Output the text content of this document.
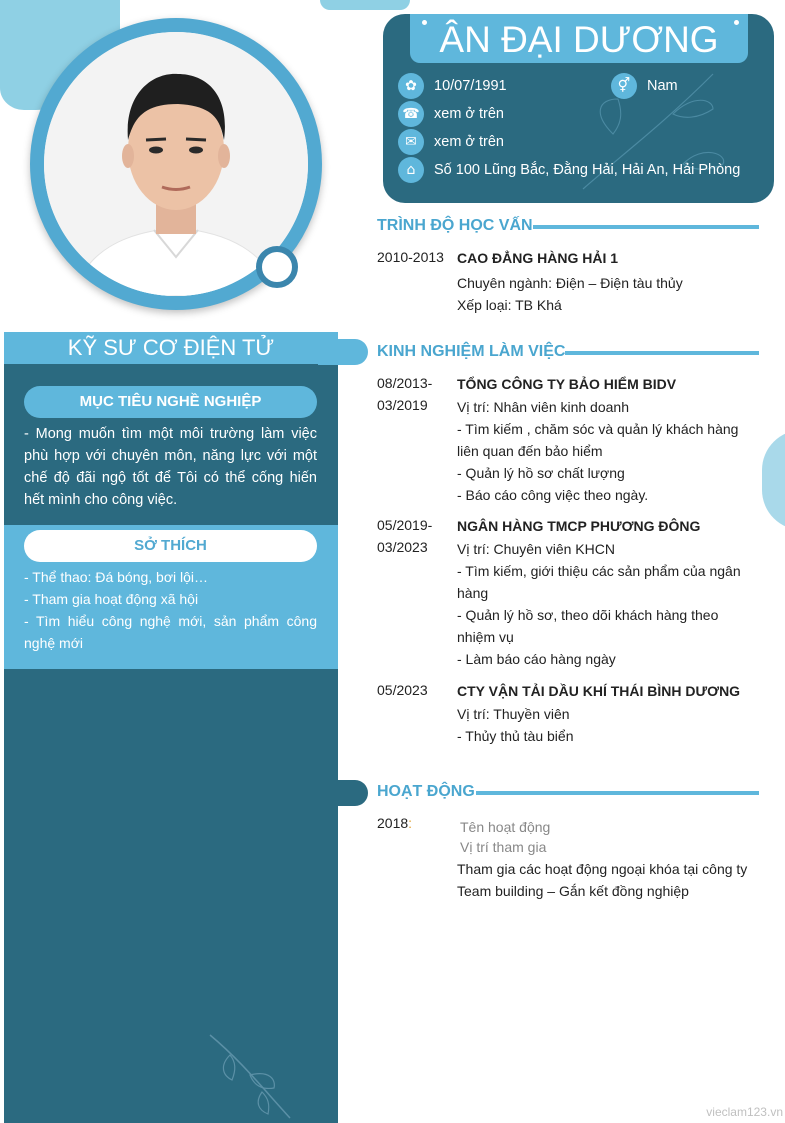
KỸ SƯ CƠ ĐIỆN TỬ
MỤC TIÊU NGHỀ NGHIỆP
- Mong muốn tìm một môi trường làm việc phù hợp với chuyên môn, năng lực với một chế độ đãi ngộ tốt để Tôi có thể cống hiến hết mình cho công việc.
SỞ THÍCH
- Thể thao: Đá bóng, bơi lội…
- Tham gia hoạt động xã hội
- Tìm hiểu công nghệ mới, sản phẩm công nghệ mới
ÂN ĐẠI DƯƠNG
✿	10/07/1991	⚥	Nam
☎ xem ở trên
✉	xem ở trên
⌂	Số 100 Lũng Bắc, Đằng Hải, Hải An, Hải Phòng
TRÌNH ĐỘ HỌC VẤN
2010-2013 CAO ĐẲNG HÀNG HẢI 1
Chuyên ngành: Điện – Điện tàu thủy
Xếp loại: TB Khá
KINH NGHIỆM LÀM VIỆC
08/2013-
03/2019
TỔNG CÔNG TY BẢO HIỂM BIDV
Vị trí: Nhân viên kinh doanh
- Tìm kiếm , chăm sóc và quản lý khách hàng liên quan đến bảo hiểm
- Quản lý hồ sơ chất lượng
- Báo cáo công việc theo ngày.
05/2019-
03/2023
NGÂN HÀNG TMCP PHƯƠNG ĐÔNG
Vị trí: Chuyên viên KHCN
- Tìm kiếm, giới thiệu các sản phẩm của ngân hàng
- Quản lý hồ sơ, theo dõi khách hàng theo nhiệm vụ
- Làm báo cáo hàng ngày
05/2023 CTY VẬN TẢI DẦU KHÍ THÁI BÌNH DƯƠNG
Vị trí: Thuyền viên
- Thủy thủ tàu biển
HOẠT ĐỘNG
2018:	Tên hoạt động
Vị trí tham gia
Tham gia các hoạt động ngoại khóa tại công ty
Team building – Gắn kết đồng nghiệp
vieclam123.vn
